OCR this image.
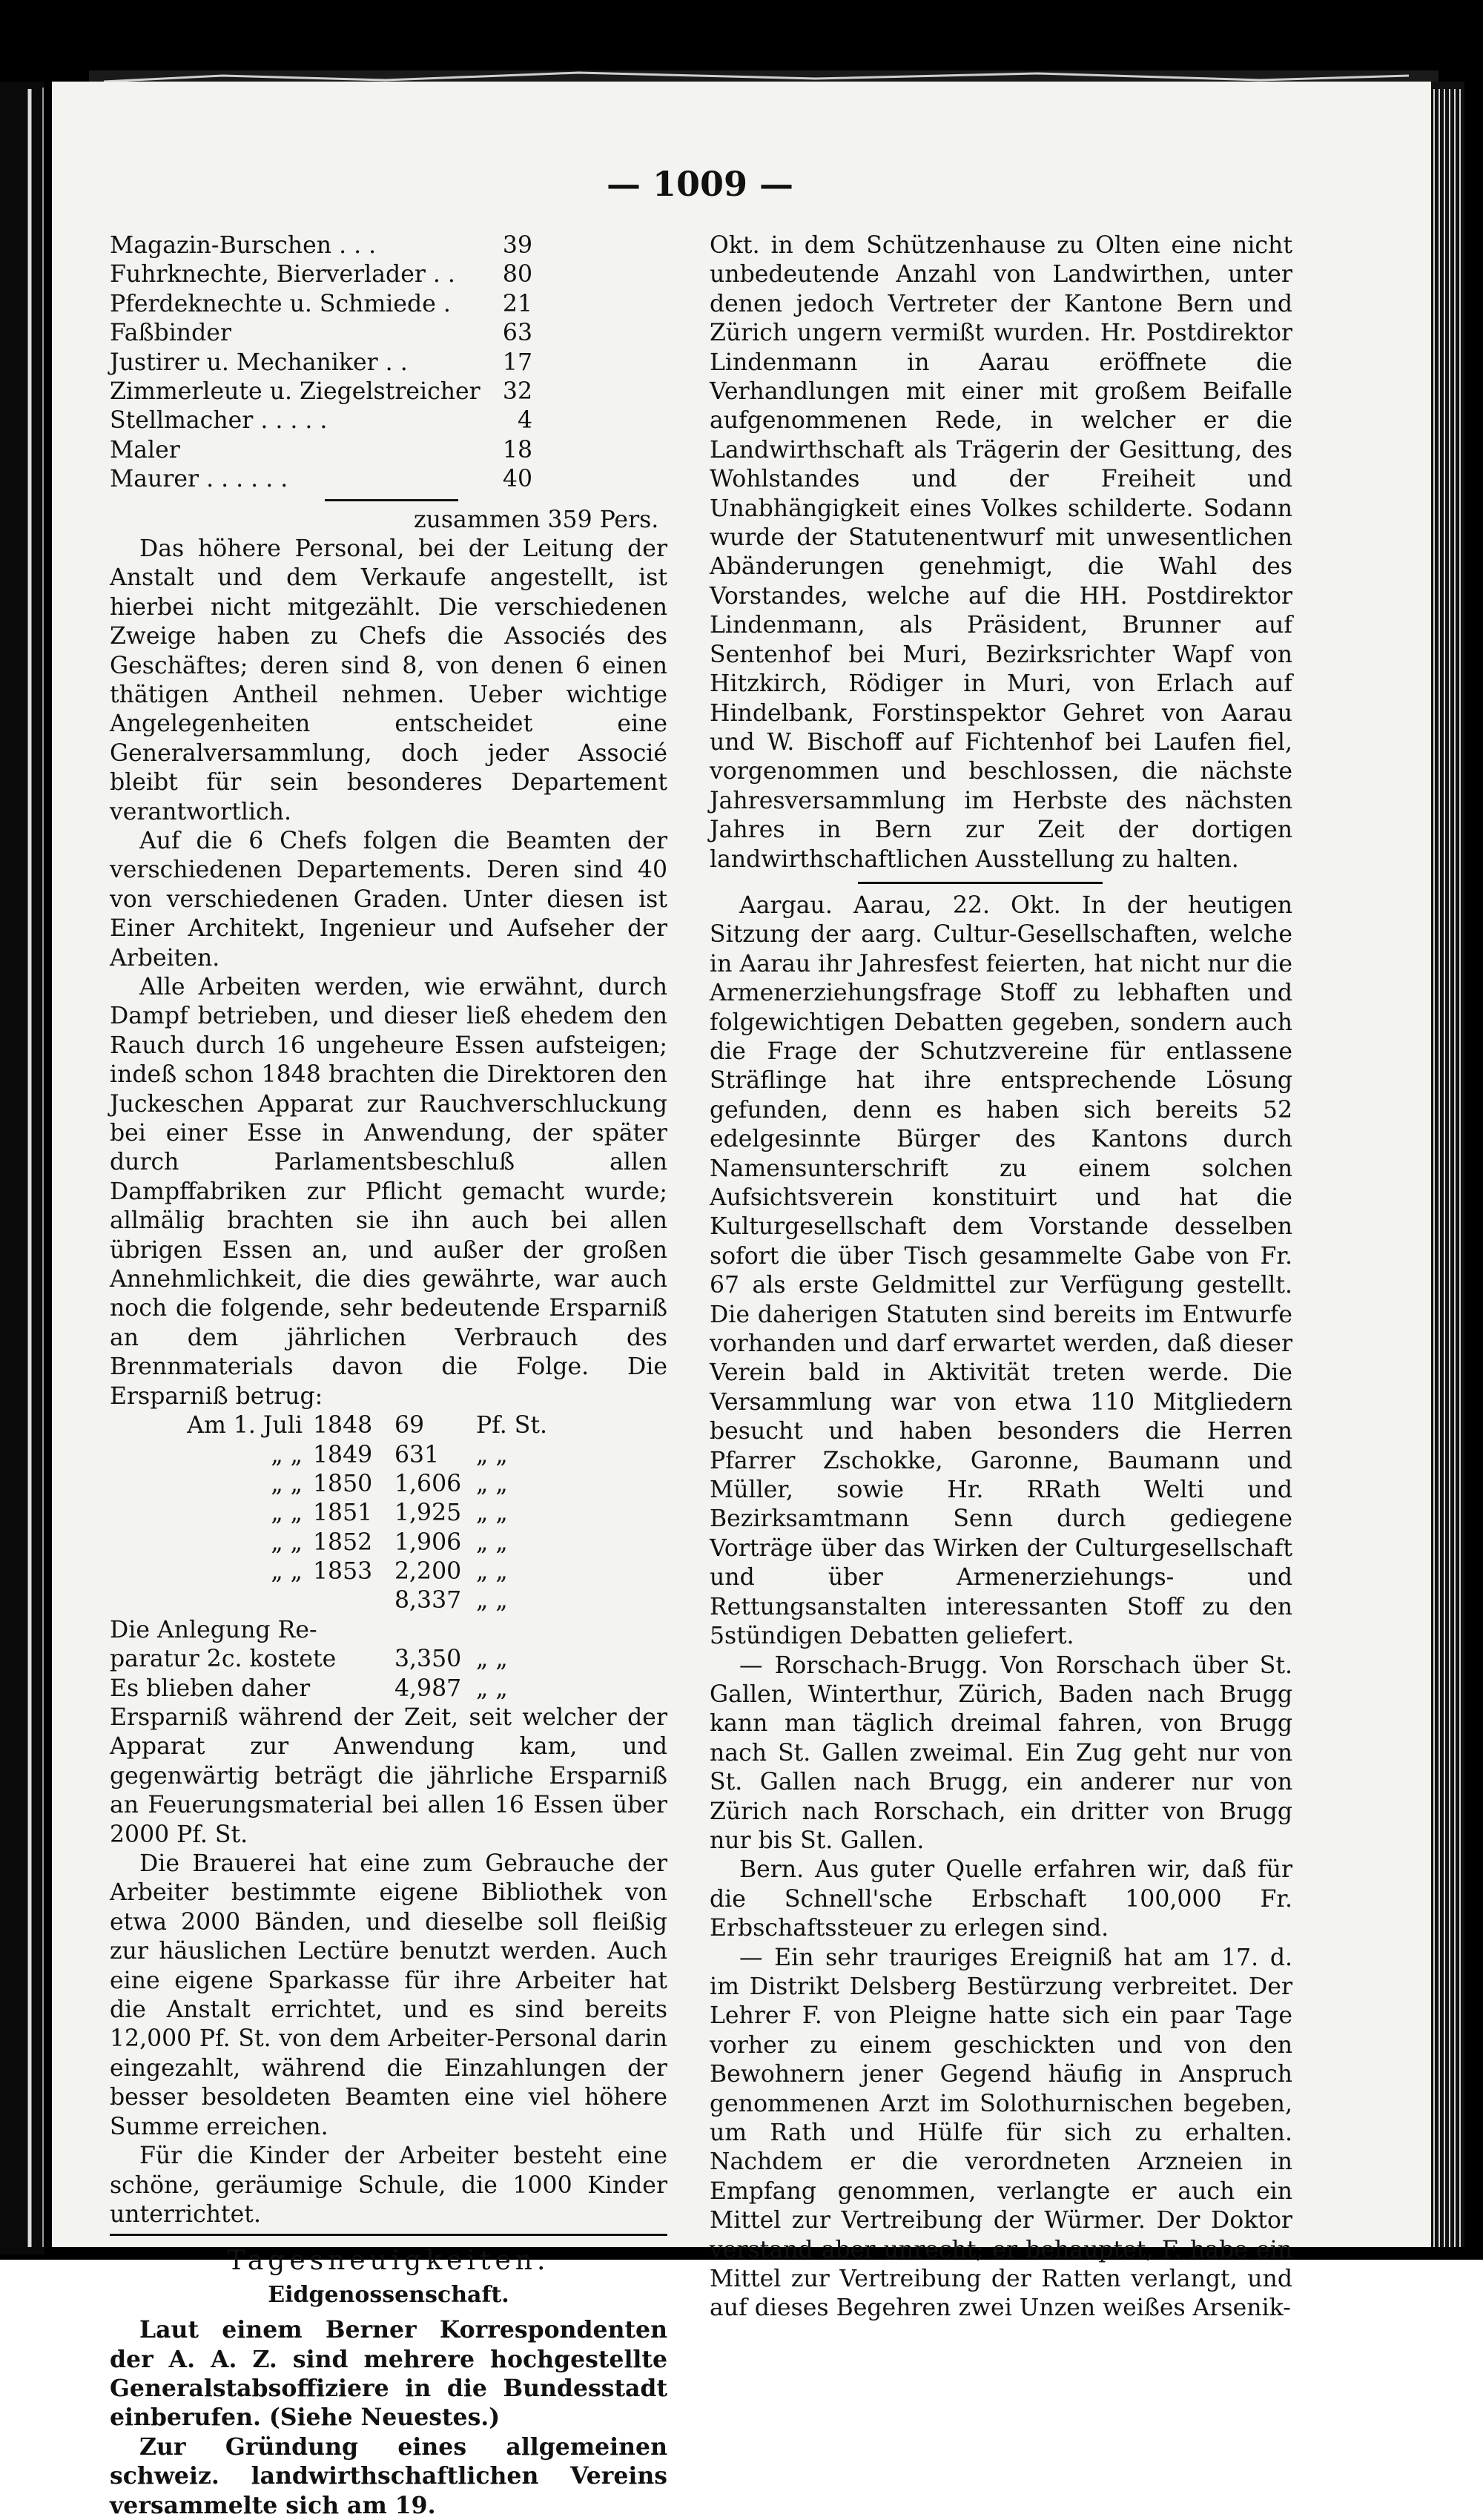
— 1009 —
Magazin-Burschen . . .	39
Fuhrknechte, Bierverlader . .	80
Pferdeknechte u. Schmiede .	21
Faßbinder	63
Justirer u. Mechaniker . .	17
Zimmerleute u. Ziegelstreicher 32
Stellmacher . . . . .	4
Maler	18
Maurer . . . . . .	40
zusammen 359 Pers.

Das höhere Personal, bei der Leitung der Anstalt und dem Verkaufe angestellt, ist hierbei nicht mitgezählt. Die verschiedenen Zweige haben zu Chefs die Associés des Geschäftes; deren sind 8, von denen 6 einen thätigen Antheil nehmen. Ueber wichtige Angelegenheiten entscheidet eine Generalversammlung, doch jeder Associé bleibt für sein besonderes Departement verantwortlich.

Auf die 6 Chefs folgen die Beamten der verschiedenen Departements. Deren sind 40 von verschiedenen Graden. Unter diesen ist Einer Architekt, Ingenieur und Aufseher der Arbeiten.

Alle Arbeiten werden, wie erwähnt, durch Dampf betrieben, und dieser ließ ehedem den Rauch durch 16 ungeheure Essen aufsteigen; indeß schon 1848 brachten die Direktoren den Juckeschen Apparat zur Rauchverschluckung bei einer Esse in Anwendung, der später durch Parlamentsbeschluß allen Dampffabriken zur Pflicht gemacht wurde; allmälig brachten sie ihn auch bei allen übrigen Essen an, und außer der großen Annehmlichkeit, die dies gewährte, war auch noch die folgende, sehr bedeutende Ersparniß an dem jährlichen Verbrauch des Brennmaterials davon die Folge. Die Ersparniß betrug:

Am 1. Juli 1848 69	Pf. St.
„ „ 1849 631	„ „
„ „ 1850 1,606 „ „
„ „ 1851 1,925 „ „
„ „ 1852 1,906 „ „
„ „ 1853 2,200 „ „
8,337 „ „
Die Anlegung Re-
paratur 2c. kostete 3,350 „ „
Es blieben daher	4,987 „ „

Ersparniß während der Zeit, seit welcher der Apparat zur Anwendung kam, und gegenwärtig beträgt die jährliche Ersparniß an Feuerungsmaterial bei allen 16 Essen über 2000 Pf. St.

Die Brauerei hat eine zum Gebrauche der Arbeiter bestimmte eigene Bibliothek von etwa 2000 Bänden, und dieselbe soll fleißig zur häuslichen Lectüre benutzt werden. Auch eine eigene Sparkasse für ihre Arbeiter hat die Anstalt errichtet, und es sind bereits 12,000 Pf. St. von dem Arbeiter-Personal darin eingezahlt, während die Einzahlungen der besser besoldeten Beamten eine viel höhere Summe erreichen.

Für die Kinder der Arbeiter besteht eine schöne, geräumige Schule, die 1000 Kinder unterrichtet.

Tagesneuigkeiten.
Eidgenossenschaft.

Laut einem Berner Korrespondenten der A. A. Z. sind mehrere hochgestellte Generalstabsoffiziere in die Bundesstadt einberufen. (Siehe Neuestes.)

Zur Gründung eines allgemeinen schweiz. landwirthschaftlichen Vereins versammelte sich am 19.

Okt. in dem Schützenhause zu Olten eine nicht unbedeutende Anzahl von Landwirthen, unter denen jedoch Vertreter der Kantone Bern und Zürich ungern vermißt wurden. Hr. Postdirektor Lindenmann in Aarau eröffnete die Verhandlungen mit einer mit großem Beifalle aufgenommenen Rede, in welcher er die Landwirthschaft als Trägerin der Gesittung, des Wohlstandes und der Freiheit und Unabhängigkeit eines Volkes schilderte. Sodann wurde der Statutenentwurf mit unwesentlichen Abänderungen genehmigt, die Wahl des Vorstandes, welche auf die HH. Postdirektor Lindenmann, als Präsident, Brunner auf Sentenhof bei Muri, Bezirksrichter Wapf von Hitzkirch, Rödiger in Muri, von Erlach auf Hindelbank, Forstinspektor Gehret von Aarau und W. Bischoff auf Fichtenhof bei Laufen fiel, vorgenommen und beschlossen, die nächste Jahresversammlung im Herbste des nächsten Jahres in Bern zur Zeit der dortigen landwirthschaftlichen Ausstellung zu halten.

Aargau. Aarau, 22. Okt. In der heutigen Sitzung der aarg. Cultur-Gesellschaften, welche in Aarau ihr Jahresfest feierten, hat nicht nur die Armenerziehungsfrage Stoff zu lebhaften und folgewichtigen Debatten gegeben, sondern auch die Frage der Schutzvereine für entlassene Sträflinge hat ihre entsprechende Lösung gefunden, denn es haben sich bereits 52 edelgesinnte Bürger des Kantons durch Namensunterschrift zu einem solchen Aufsichtsverein konstituirt und hat die Kulturgesellschaft dem Vorstande desselben sofort die über Tisch gesammelte Gabe von Fr. 67 als erste Geldmittel zur Verfügung gestellt. Die daherigen Statuten sind bereits im Entwurfe vorhanden und darf erwartet werden, daß dieser Verein bald in Aktivität treten werde. Die Versammlung war von etwa 110 Mitgliedern besucht und haben besonders die Herren Pfarrer Zschokke, Garonne, Baumann und Müller, sowie Hr. RRath Welti und Bezirksamtmann Senn durch gediegene Vorträge über das Wirken der Culturgesellschaft und über Armenerziehungs- und Rettungsanstalten interessanten Stoff zu den 5stündigen Debatten geliefert.

— Rorschach-Brugg. Von Rorschach über St. Gallen, Winterthur, Zürich, Baden nach Brugg kann man täglich dreimal fahren, von Brugg nach St. Gallen zweimal. Ein Zug geht nur von St. Gallen nach Brugg, ein anderer nur von Zürich nach Rorschach, ein dritter von Brugg nur bis St. Gallen.

Bern. Aus guter Quelle erfahren wir, daß für die Schnell'sche Erbschaft 100,000 Fr. Erbschaftssteuer zu erlegen sind.

— Ein sehr trauriges Ereigniß hat am 17. d. im Distrikt Delsberg Bestürzung verbreitet. Der Lehrer F. von Pleigne hatte sich ein paar Tage vorher zu einem geschickten und von den Bewohnern jener Gegend häufig in Anspruch genommenen Arzt im Solothurnischen begeben, um Rath und Hülfe für sich zu erhalten. Nachdem er die verordneten Arzneien in Empfang genommen, verlangte er auch ein Mittel zur Vertreibung der Würmer. Der Doktor verstand aber unrecht; er behauptet, F. habe ein Mittel zur Vertreibung der Ratten verlangt, und auf dieses Begehren zwei Unzen weißes Arsenik-
